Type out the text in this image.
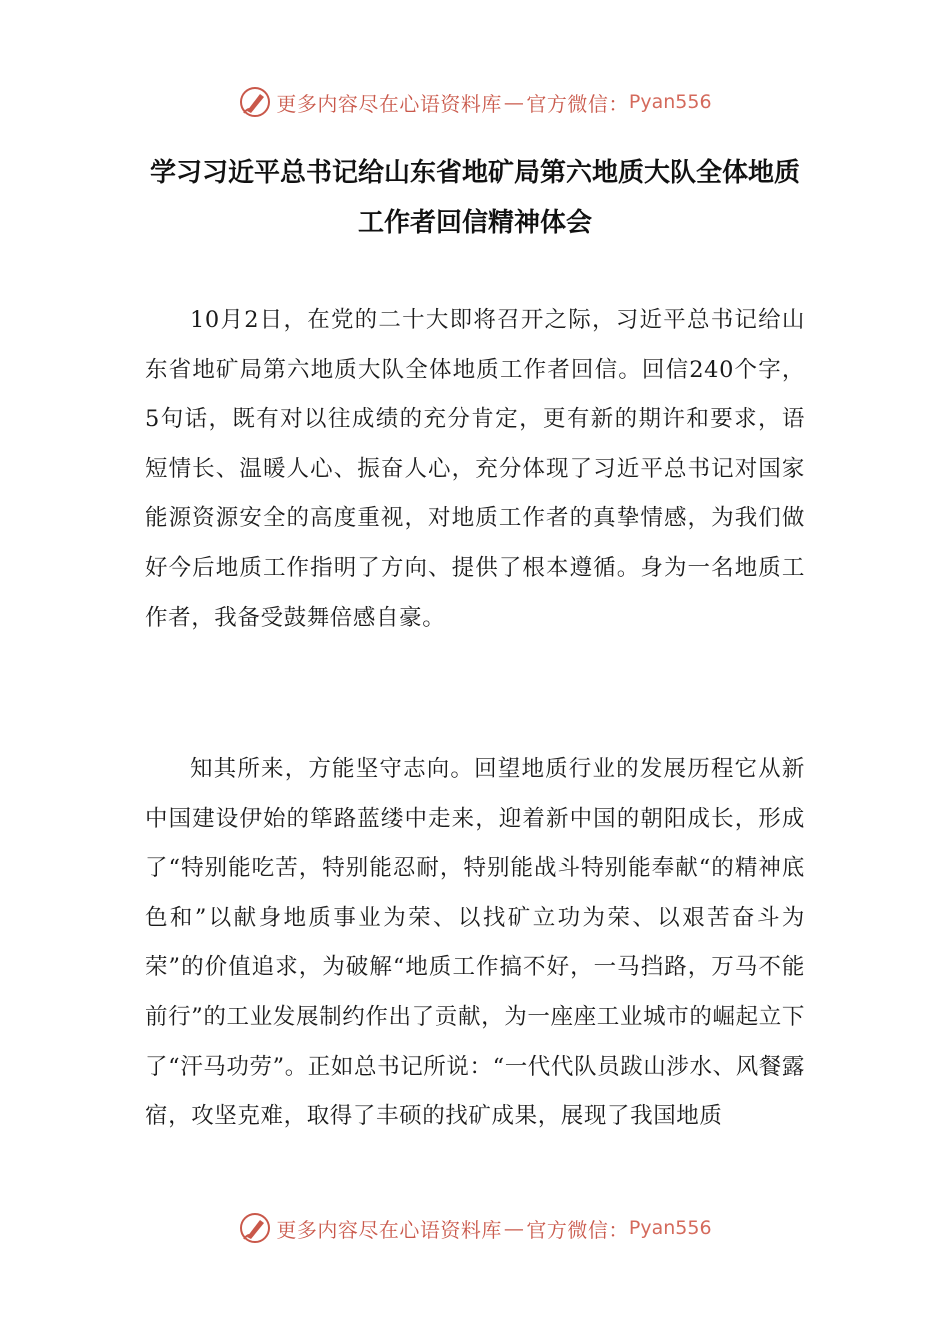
更多内容尽在心语资料库 — 官方微信： Pyan556
学习习近平总书记给山东省地矿局第六地质大队全体地质工作者回信精神体会

10月2日，在党的二十大即将召开之际，习近平总书记给山东省地矿局第六地质大队全体地质工作者回信。回信240个字，5句话，既有对以往成绩的充分肯定，更有新的期许和要求，语短情长、温暖人心、振奋人心，充分体现了习近平总书记对国家能源资源安全的高度重视，对地质工作者的真挚情感，为我们做好今后地质工作指明了方向、提供了根本遵循。身为一名地质工作者，我备受鼓舞倍感自豪。

知其所来，方能坚守志向。回望地质行业的发展历程它从新中国建设伊始的筚路蓝缕中走来，迎着新中国的朝阳成长，形成了“特别能吃苦，特别能忍耐，特别能战斗特别能奉献“的精神底色和”以献身地质事业为荣、以找矿立功为荣、以艰苦奋斗为荣”的价值追求，为破解“地质工作搞不好，一马挡路，万马不能前行”的工业发展制约作出了贡献，为一座座工业城市的崛起立下了“汗马功劳”。正如总书记所说：“一代代队员跋山涉水、风餐露宿，攻坚克难，取得了丰硕的找矿成果，展现了我国地质

更多内容尽在心语资料库 — 官方微信： Pyan556
